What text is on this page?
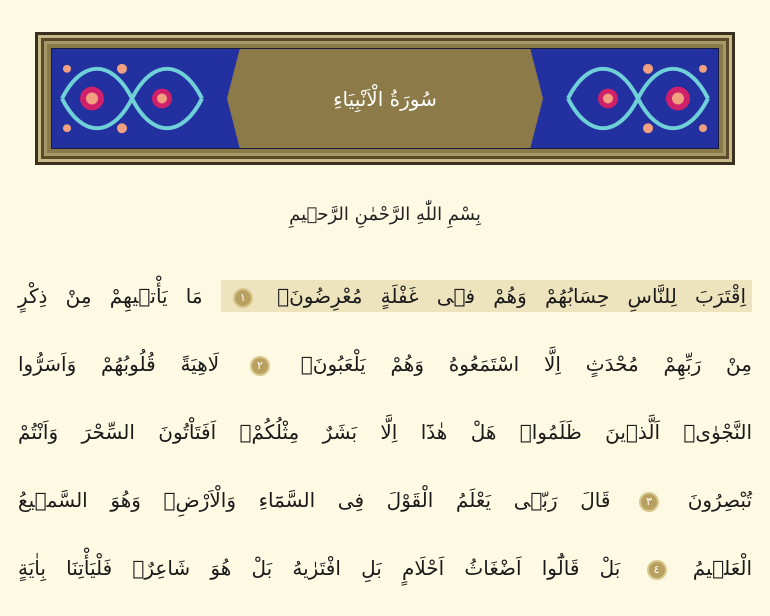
سُورَةُ الْاَنْبِيَاءِ
بِسْمِ اللّٰهِ الرَّحْمٰنِ الرَّحٖيمِ
اِقْتَرَبَ لِلنَّاسِ حِسَابُهُمْ وَهُمْ فٖى غَفْلَةٍ مُعْرِضُونَۚ ١ مَا يَأْتٖيهِمْ مِنْ ذِكْرٍ
مِنْ رَبِّهِمْ مُحْدَثٍ اِلَّا اسْتَمَعُوهُ وَهُمْ يَلْعَبُونَۙ ٢ لَاهِيَةً قُلُوبُهُمْ وَاَسَرُّوا
النَّجْوٰىۗ اَلَّذٖينَ ظَلَمُواۗ هَلْ هٰذَٓا اِلَّا بَشَرٌ مِثْلُكُمْۚ اَفَتَاْتُونَ السِّحْرَ وَاَنْتُمْ
تُبْصِرُونَ ٣ قَالَ رَبّٖى يَعْلَمُ الْقَوْلَ فِى السَّمَٓاءِ وَالْاَرْضِۘ وَهُوَ السَّمٖيعُ
الْعَلٖيمُ ٤ بَلْ قَالُٓوا اَضْغَاثُ اَحْلَامٍ بَلِ افْتَرٰيهُ بَلْ هُوَ شَاعِرٌۚ فَلْيَأْتِنَا بِاٰيَةٍ
